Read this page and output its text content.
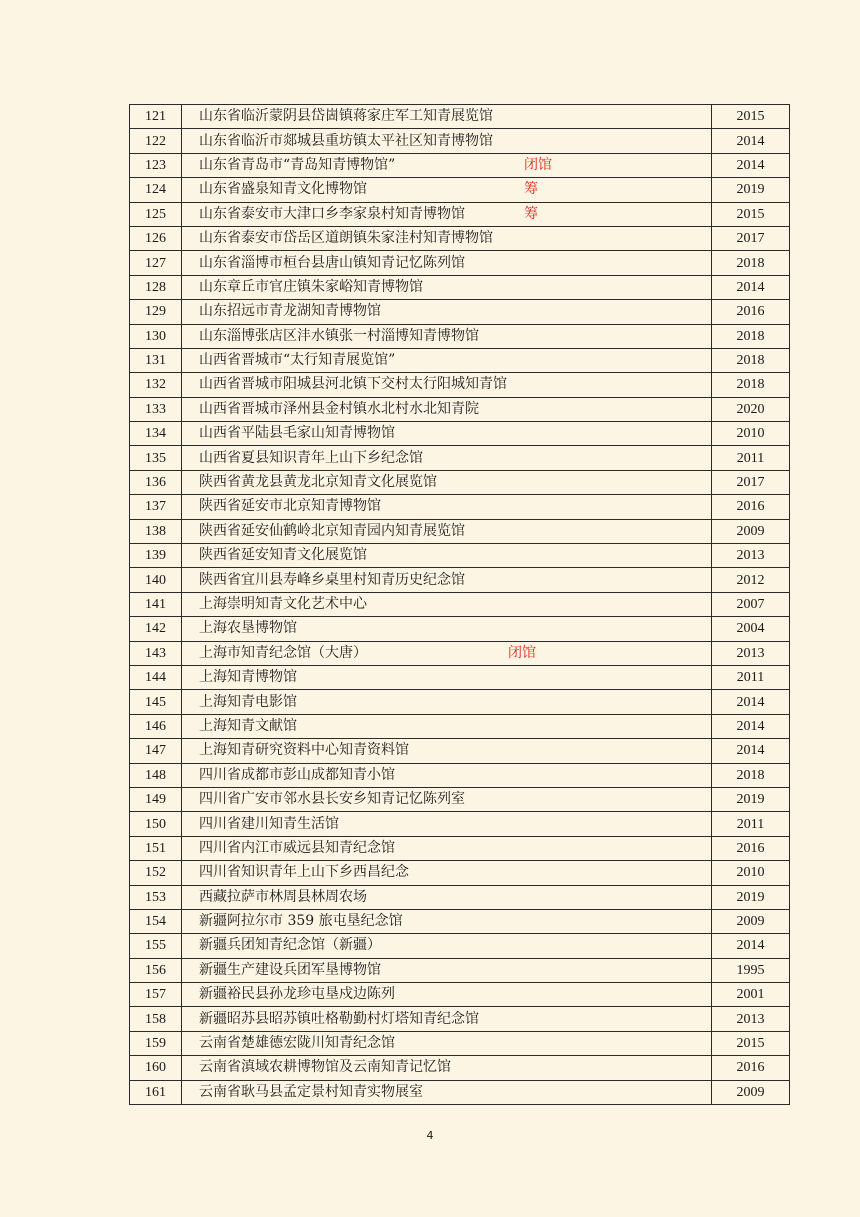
121	山东省临沂蒙阴县岱崮镇蒋家庄军工知青展览馆	2015
122	山东省临沂市郯城县重坊镇太平社区知青博物馆	2014
123	山东省青岛市“青岛知青博物馆” 闭馆	2014
124	山东省盛泉知青文化博物馆 筹	2019
125	山东省泰安市大津口乡李家泉村知青博物馆 筹	2015
126	山东省泰安市岱岳区道朗镇朱家洼村知青博物馆	2017
127	山东省淄博市桓台县唐山镇知青记忆陈列馆	2018
128	山东章丘市官庄镇朱家峪知青博物馆	2014
129	山东招远市青龙湖知青博物馆	2016
130	山东淄博张店区沣水镇张一村淄博知青博物馆	2018
131	山西省晋城市“太行知青展览馆”	2018
132	山西省晋城市阳城县河北镇下交村太行阳城知青馆	2018
133	山西省晋城市泽州县金村镇水北村水北知青院	2020
134	山西省平陆县毛家山知青博物馆	2010
135	山西省夏县知识青年上山下乡纪念馆	2011
136	陕西省黄龙县黄龙北京知青文化展览馆	2017
137	陕西省延安市北京知青博物馆	2016
138	陕西省延安仙鹤岭北京知青园内知青展览馆	2009
139	陕西省延安知青文化展览馆	2013
140	陕西省宜川县寿峰乡桌里村知青历史纪念馆	2012
141	上海崇明知青文化艺术中心	2007
142	上海农垦博物馆	2004
143	上海市知青纪念馆（大唐） 闭馆	2013
144	上海知青博物馆	2011
145	上海知青电影馆	2014
146	上海知青文献馆	2014
147	上海知青研究资料中心知青资料馆	2014
148	四川省成都市彭山成都知青小馆	2018
149	四川省广安市邻水县长安乡知青记忆陈列室	2019
150	四川省建川知青生活馆	2011
151	四川省内江市威远县知青纪念馆	2016
152	四川省知识青年上山下乡西昌纪念	2010
153	西藏拉萨市林周县林周农场	2019
154	新疆阿拉尔市 359 旅屯垦纪念馆	2009
155	新疆兵团知青纪念馆（新疆）	2014
156	新疆生产建设兵团军垦博物馆	1995
157	新疆裕民县孙龙珍屯垦戍边陈列	2001
158	新疆昭苏县昭苏镇吐格勒勤村灯塔知青纪念馆	2013
159	云南省楚雄德宏陇川知青纪念馆	2015
160	云南省滇域农耕博物馆及云南知青记忆馆	2016
161	云南省耿马县孟定景村知青实物展室	2009
4
